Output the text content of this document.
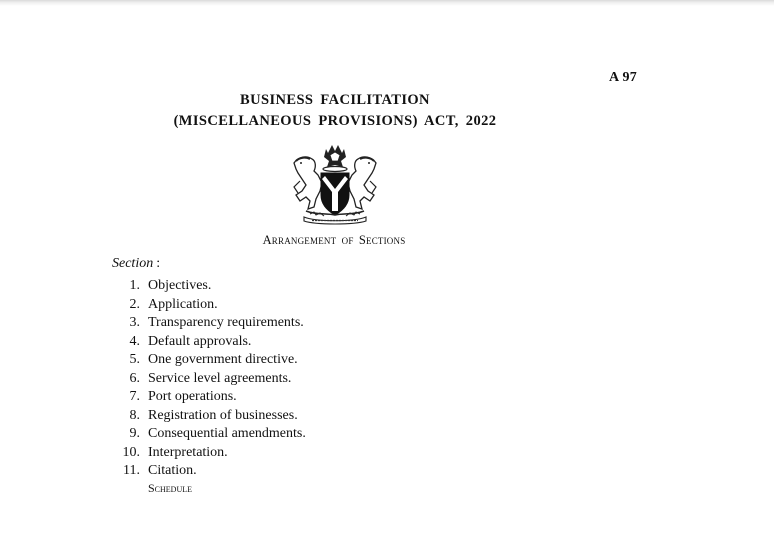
A 97
BUSINESS FACILITATION
(MISCELLANEOUS PROVISIONS) ACT, 2022
Arrangement of Sections
Section :
1. Objectives.
2. Application.
3. Transparency requirements.
4. Default approvals.
5. One government directive.
6. Service level agreements.
7. Port operations.
8. Registration of businesses.
9. Consequential amendments.
10. Interpretation.
11. Citation.
Schedule
